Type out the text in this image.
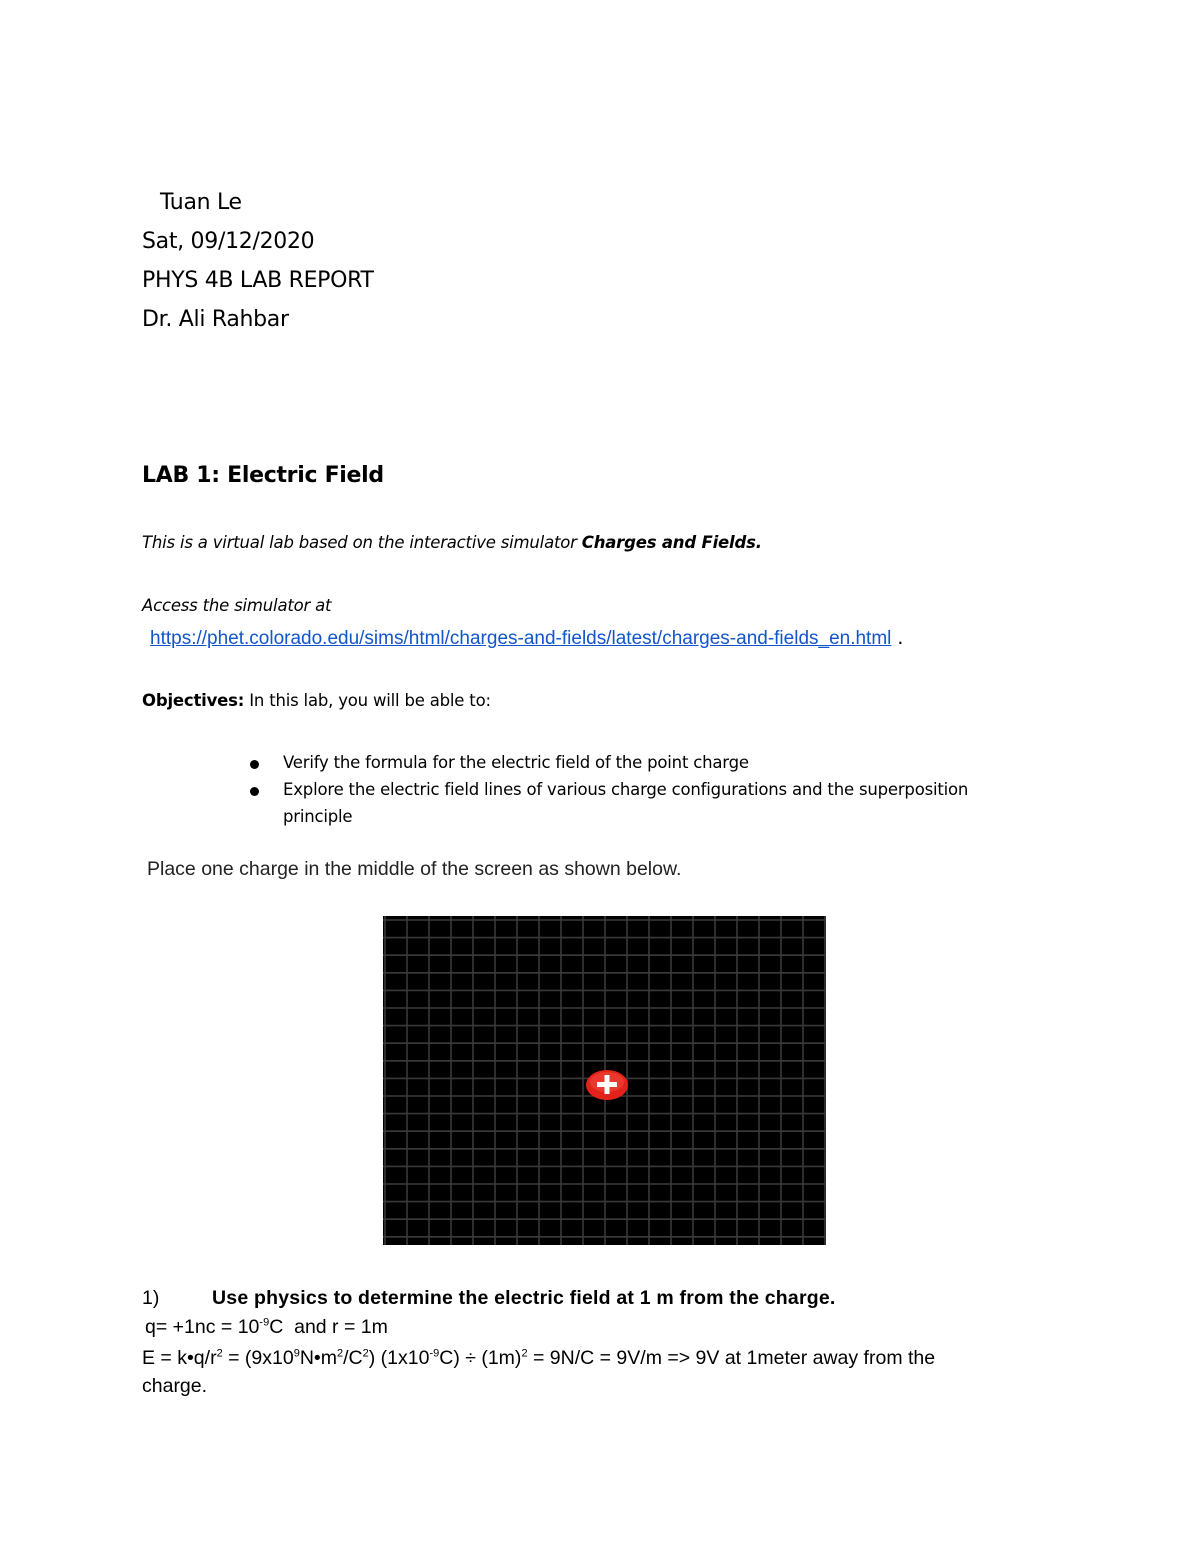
Tuan Le
Sat, 09/12/2020
PHYS 4B LAB REPORT
Dr. Ali Rahbar
LAB 1: Electric Field
This is a virtual lab based on the interactive simulator Charges and Fields.
Access the simulator at
https://phet.colorado.edu/sims/html/charges-and-fields/latest/charges-and-fields_en.html .
Objectives: In this lab, you will be able to:
Verify the formula for the electric field of the point charge
Explore the electric field lines of various charge configurations and the superposition
principle
Place one charge in the middle of the screen as shown below.
1)	Use physics to determine the electric field at 1 m from the charge.
$q= +1nc = 10^{-9}C$  and r = 1m
$E = k•q/r^2$ = $(9x10^9N•m^2/C^2) (1x10^{-9}C) \div (1m)^2 = 9N/C = 9V/m => 9V$ at 1meter away from the
charge.
